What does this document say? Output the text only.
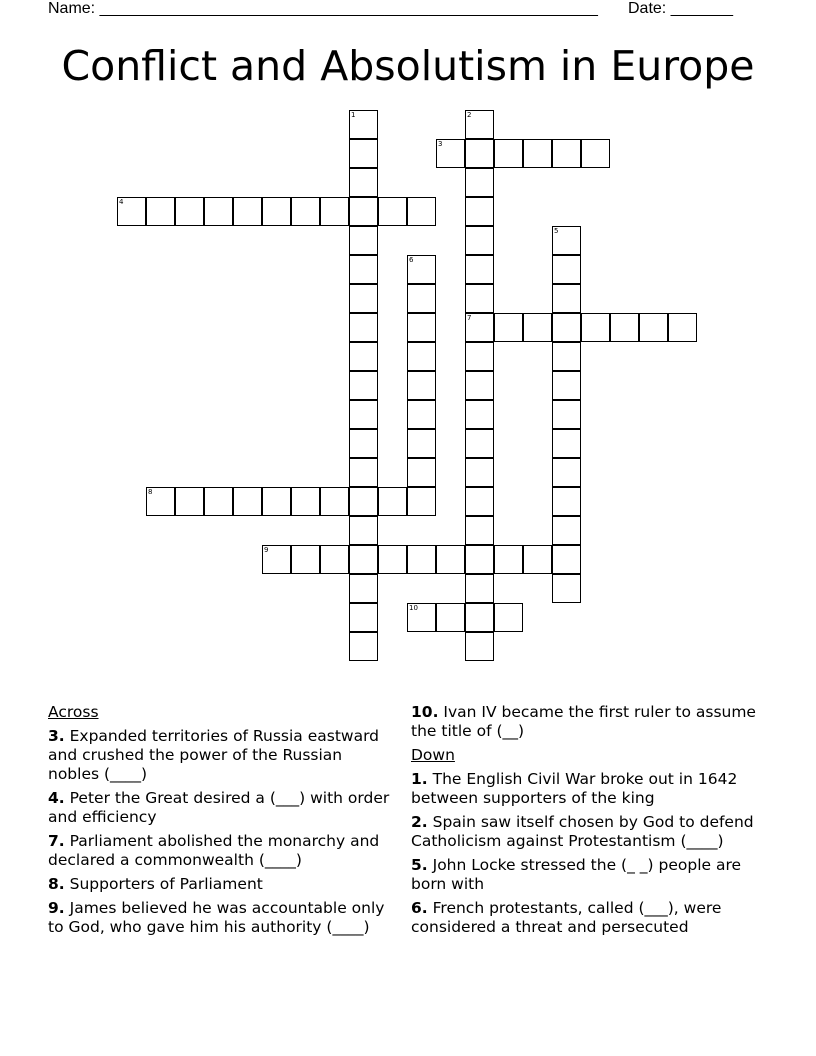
Name: ________________________________________________________ Date: _______
Conflict and Absolutism in Europe
1	2
7
3
4
5
6
8
9
10
Across
3. Expanded territories of Russia eastward and crushed the power of the Russian nobles (____)
4. Peter the Great desired a (___) with order and efficiency
7. Parliament abolished the monarchy and declared a commonwealth (____)
8. Supporters of Parliament
9. James believed he was accountable only to God, who gave him his authority (____)
10. Ivan IV became the first ruler to assume the title of (__)
Down
1. The English Civil War broke out in 1642 between supporters of the king
2. Spain saw itself chosen by God to defend Catholicism against Protestantism (____)
5. John Locke stressed the (_ _) people are born with
6. French protestants, called (___), were considered a threat and persecuted
